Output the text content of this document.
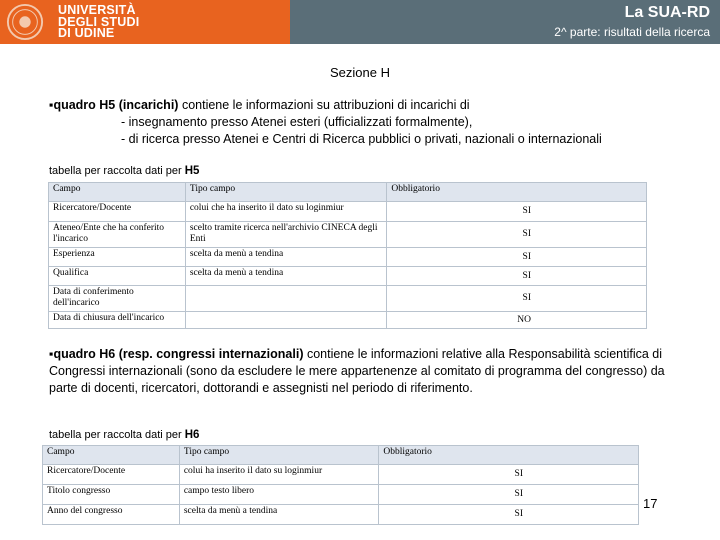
UNIVERSITÀ
DEGLI STUDI
DI UDINE
La SUA-RD
2^ parte: risultati della ricerca
Sezione H
▪quadro H5 (incarichi) contiene le informazioni su attribuzioni di incarichi di
- insegnamento presso Atenei esteri (ufficializzati formalmente),
- di ricerca presso Atenei e Centri di Ricerca pubblici o privati, nazionali o internazionali
tabella per raccolta dati per H5
Campo	Tipo campo	Obbligatorio
Ricercatore/Docente	colui che ha inserito il dato su loginmiur	SI
Ateneo/Ente che ha conferito l'incarico	scelto tramite ricerca nell'archivio CINECA degli Enti	SI
Esperienza	scelta da menù a tendina	SI
Qualifica	scelta da menù a tendina	SI
Data di conferimento dell'incarico		SI
Data di chiusura dell'incarico		NO
▪quadro H6 (resp. congressi internazionali) contiene le informazioni relative alla Responsabilità scientifica di Congressi internazionali (sono da escludere le mere appartenenze al comitato di programma del congresso) da parte di docenti, ricercatori, dottorandi e assegnisti nel periodo di riferimento.
tabella per raccolta dati per H6
Campo	Tipo campo	Obbligatorio
Ricercatore/Docente	colui ha inserito il dato su loginmiur	SI
Titolo congresso	campo testo libero	SI
Anno del congresso	scelta da menù a tendina	SI
17
